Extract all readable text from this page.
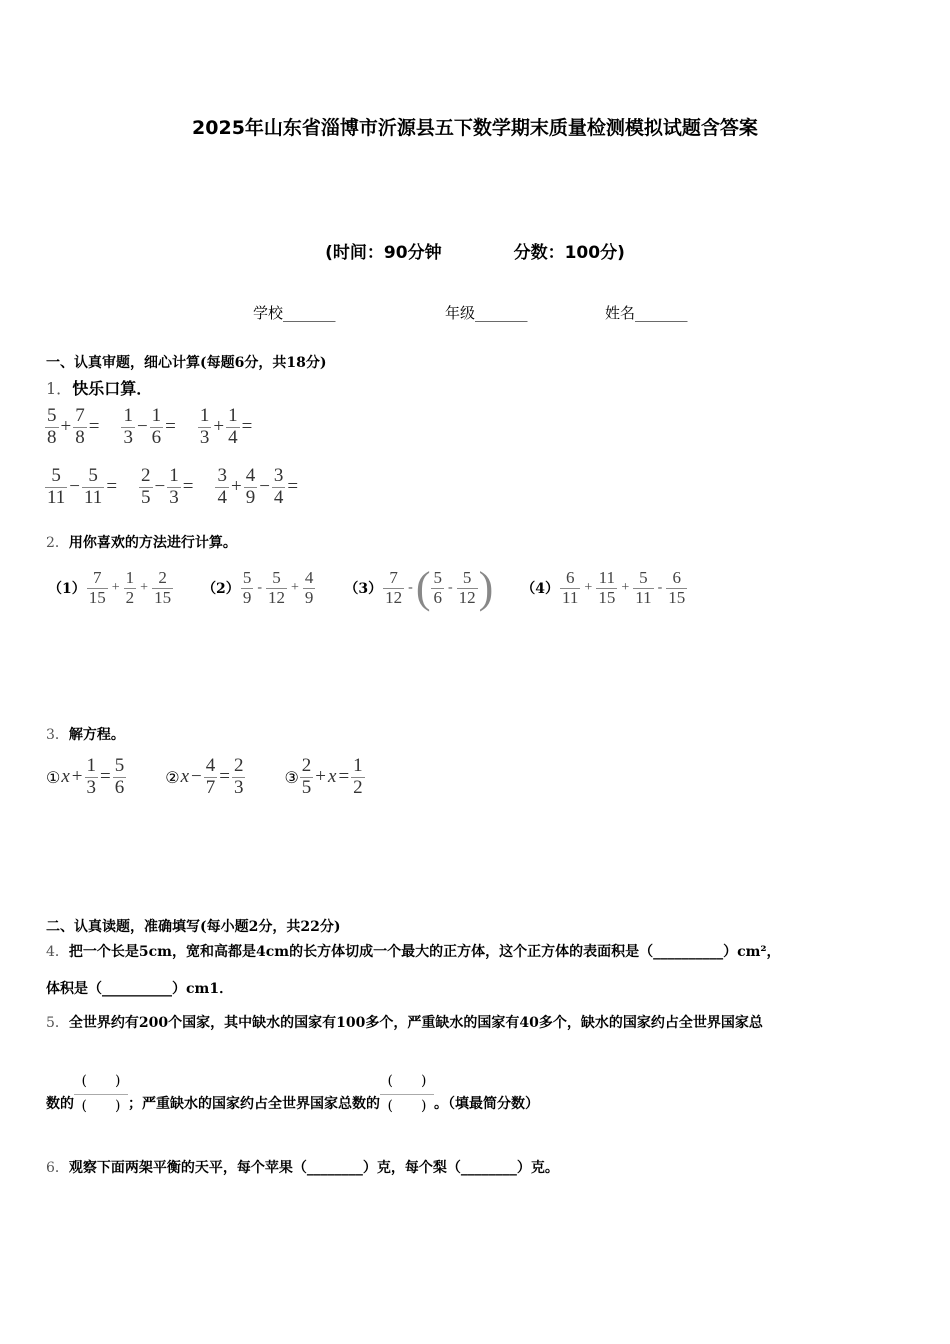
2025年山东省淄博市沂源县五下数学期末质量检测模拟试题含答案
(时间：90分钟	分数：100分)
学校_______	年级_______	姓名_______
一、认真审题，细心计算(每题6分，共18分)
1．快乐口算．
$\frac{5}{8} + \frac{7}{8} = \frac{1}{3} - \frac{1}{6} = \frac{1}{3} + \frac{1}{4}$ =
$\frac{5}{11} - \frac{5}{11} = \frac{2}{5} - \frac{1}{3} = \frac{3}{4} + \frac{4}{9} - \frac{3}{4}$ =
2．用你喜欢的方法进行计算。
$(1) \frac{7}{15} + \frac{1}{2} + \frac{2}{15} (2) \frac{5}{9} - \frac{5}{12} + \frac{4}{9} (3) \frac{7}{12}$ - ( $\frac{5}{6} - \frac{5}{12}$ ) $(4) \frac{6}{11} + \frac{11}{15} + \frac{5}{11} - \frac{6}{15}$
3．解方程。
① $x + \frac{1}{3} = \frac{5}{6}$ ② $x - \frac{4}{7} = \frac{2}{3}$ ③ $\frac{2}{5} + x = \frac{1}{2}$
二、认真读题，准确填写(每小题2分，共22分)
4．把一个长是5cm，宽和高都是4cm的长方体切成一个最大的正方体，这个正方体的表面积是（__________）cm²，
体积是（__________）cm1．
5．全世界约有200个国家，其中缺水的国家有100多个，严重缺水的国家有40多个，缺水的国家约占全世界国家总
数的
(　　)
(　　) ；严重缺水的国家约占全世界国家总数的
(　　)
(　　) 。（填最简分数）
6．观察下面两架平衡的天平，每个苹果（________）克，每个梨（________）克。
